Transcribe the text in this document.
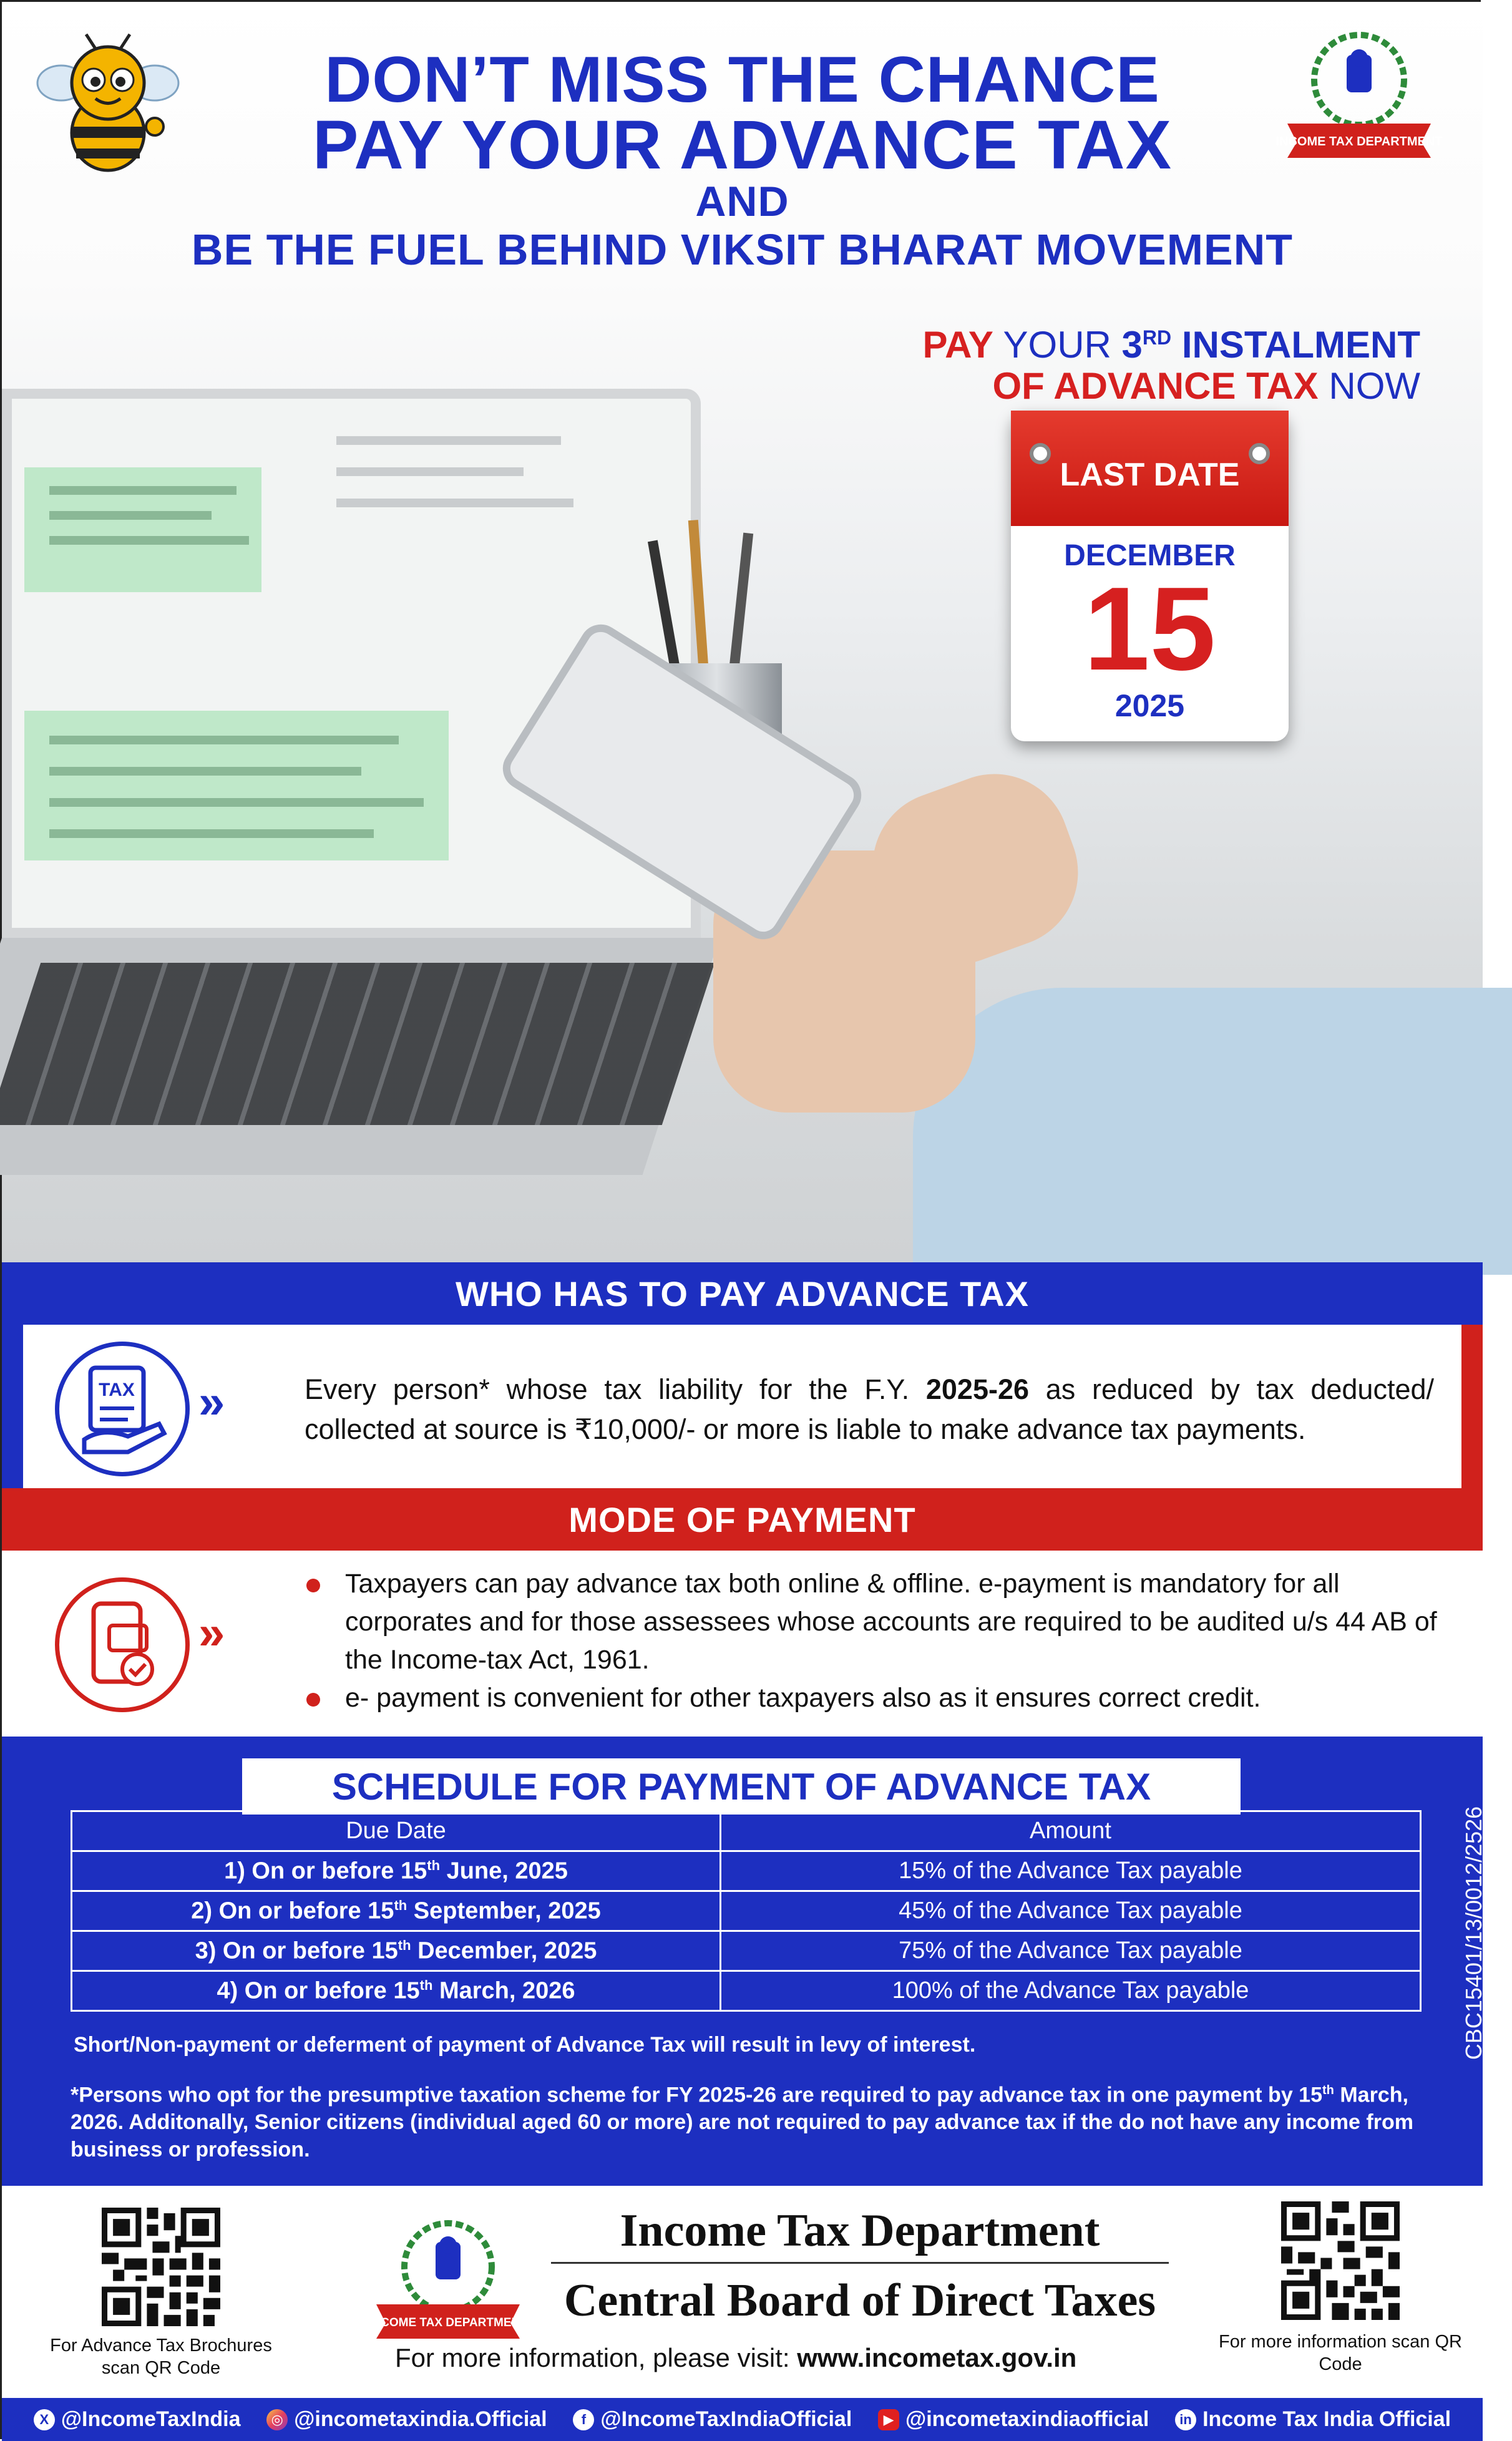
INCOME TAX DEPARTMENT
DON’T MISS THE CHANCE
PAY YOUR ADVANCE TAX
AND
BE THE FUEL BEHIND VIKSIT BHARAT MOVEMENT
PAY YOUR 3RD INSTALMENT
OF ADVANCE TAX NOW
LAST DATE
DECEMBER
15
2025
WHO HAS TO PAY ADVANCE TAX
TAX »	Every person* whose tax liability for the F.Y. 2025-26 as reduced by tax deducted/ collected at source is ₹10,000/- or more is liable to make advance tax payments.
MODE OF PAYMENT
»
Taxpayers can pay advance tax both online & offline. e-payment is mandatory for all corporates and for those assessees whose accounts are required to be audited u/s 44 AB of the Income-tax Act, 1961.
e- payment is convenient for other taxpayers also as it ensures correct credit.
SCHEDULE FOR PAYMENT OF ADVANCE TAX
Due Date	Amount
1) On or before 15th June, 2025	15% of the Advance Tax payable
2) On or before 15th September, 2025	45% of the Advance Tax payable
3) On or before 15th December, 2025	75% of the Advance Tax payable
4) On or before 15th March, 2026	100% of the Advance Tax payable
Short/Non-payment or deferment of payment of Advance Tax will result in levy of interest.
*Persons who opt for the presumptive taxation scheme for FY 2025-26 are required to pay advance tax in one payment by 15th March, 2026. Additonally, Senior citizens (individual aged 60 or more) are not required to pay advance tax if the do not have any income from business or profession.
CBC15401/13/0012/2526
For Advance Tax Brochures scan QR Code
INCOME TAX DEPARTMENT
Income Tax Department
Central Board of Direct Taxes
For more information, please visit: www.incometax.gov.in
For more information scan QR Code
X @IncomeTaxIndia	◎ @incometaxindia.Official	f @IncomeTaxIndiaOfficial	▶ @incometaxindiaofficial	in Income Tax India Official
